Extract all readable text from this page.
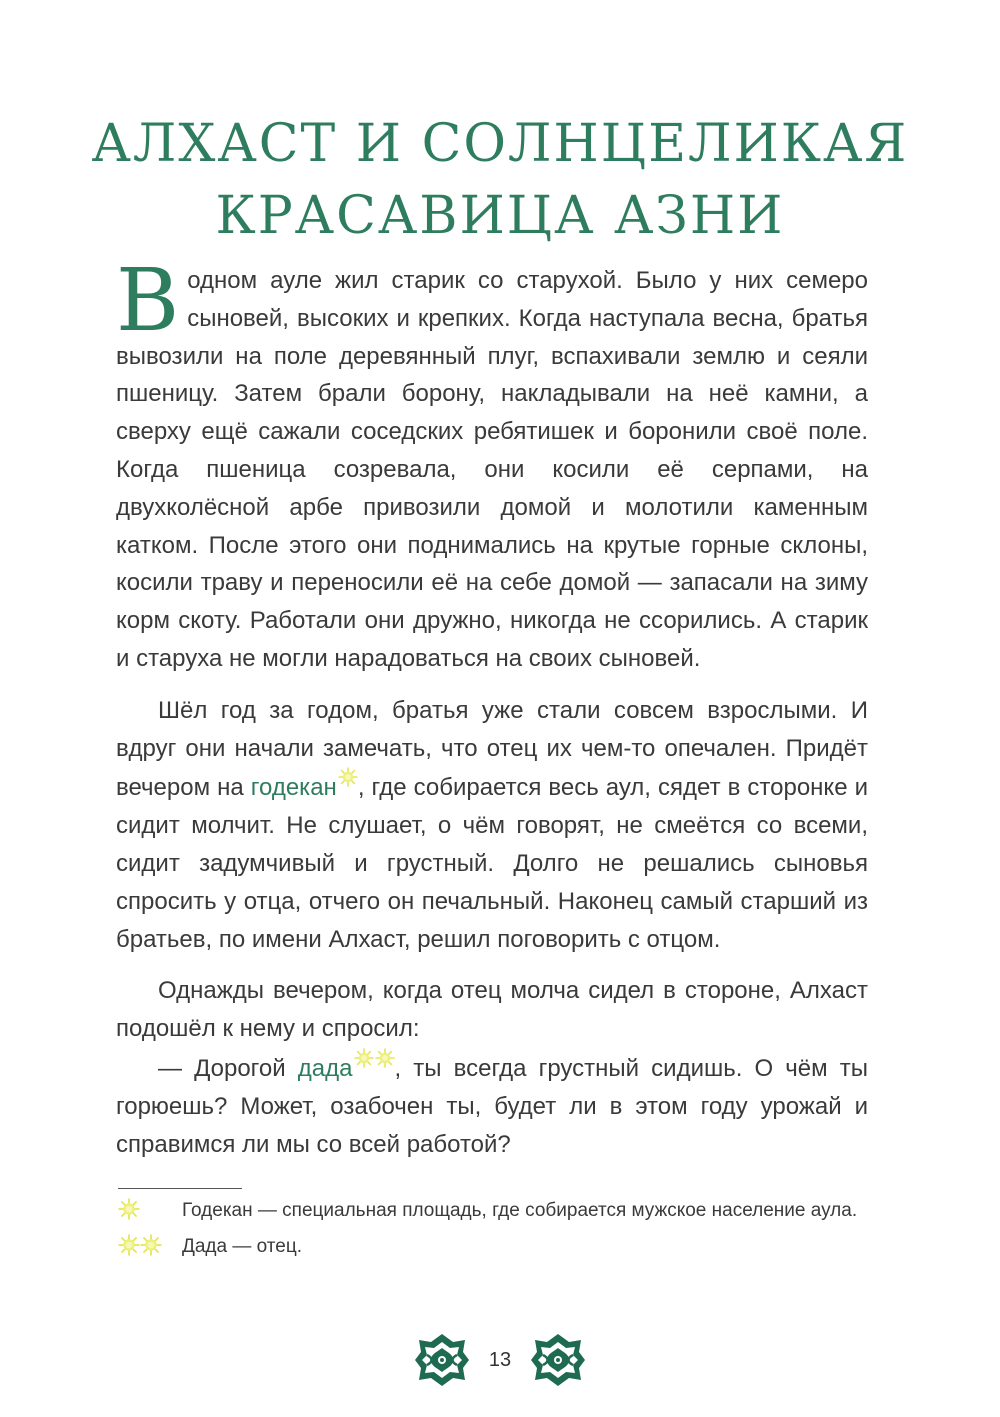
АЛХАСТ И СОЛНЦЕЛИКАЯ
КРАСАВИЦА АЗНИ

Водном ауле жил старик со старухой. Было у них семеро сыновей, высоких и крепких. Когда наступала весна, братья вывозили на поле деревянный плуг, вспахивали землю и сеяли пшеницу. Затем брали борону, накладывали на неё камни, а сверху ещё сажали соседских ребятишек и боронили своё поле. Когда пшеница созревала, они косили её серпами, на двухколёсной арбе привозили домой и молотили каменным катком. После этого они поднимались на крутые горные склоны, косили траву и переносили её на себе домой — запасали на зиму корм скоту. Работали они дружно, никогда не ссорились. А старик и старуха не могли нарадоваться на своих сыновей.

Шёл год за годом, братья уже стали совсем взрослыми. И вдруг они начали замечать, что отец их чем-то опечален. Придёт вечером на годекан , где собирается весь аул, сядет в сторонке и сидит молчит. Не слушает, о чём говорят, не смеётся со всеми, сидит задумчивый и грустный. Долго не решались сыновья спросить у отца, отчего он печальный. Наконец самый старший из братьев, по имени Алхаст, решил поговорить с отцом.

Однажды вечером, когда отец молча сидел в стороне, Алхаст подошёл к нему и спросил:

— Дорогой дада , ты всегда грустный сидишь. О чём ты горюешь? Может, озабочен ты, будет ли в этом году урожай и справимся ли мы со всей работой?

Годекан — специальная площадь, где собирается мужское население аула.
Дада — отец.
13
